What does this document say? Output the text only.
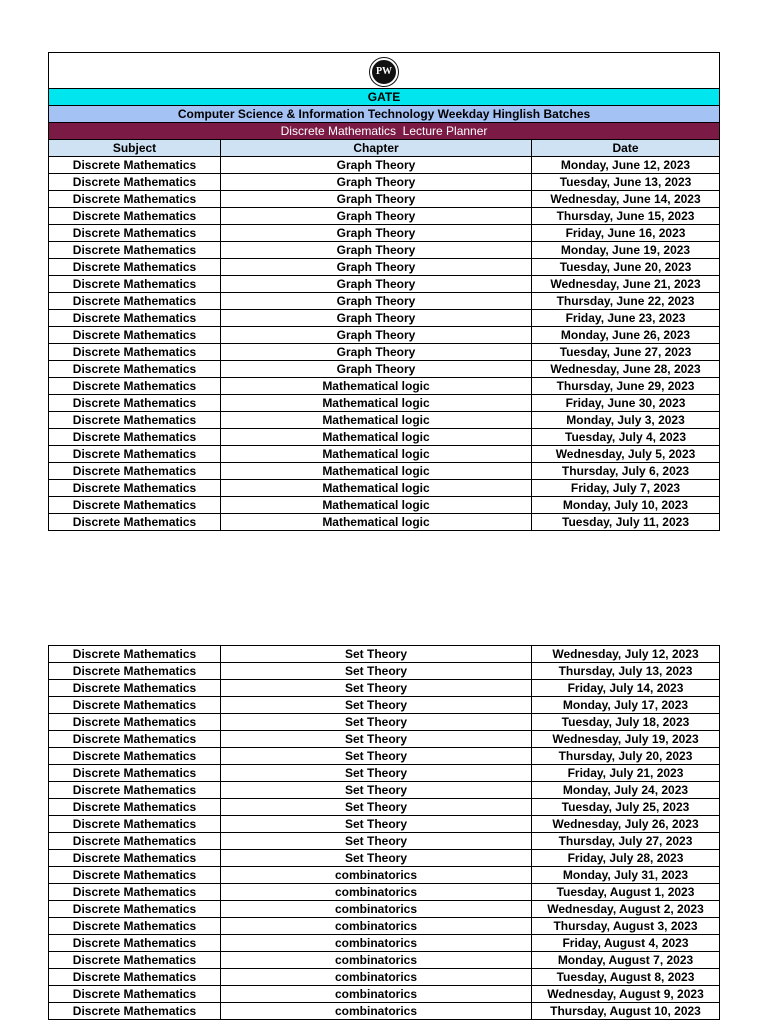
PW		
GATE		
Computer Science & Information Technology Weekday Hinglish Batches		
Discrete Mathematics  Lecture Planner		
Subject	Chapter	Date
Discrete Mathematics	Graph Theory	Monday, June 12, 2023
Discrete Mathematics	Graph Theory	Tuesday, June 13, 2023
Discrete Mathematics	Graph Theory	Wednesday, June 14, 2023
Discrete Mathematics	Graph Theory	Thursday, June 15, 2023
Discrete Mathematics	Graph Theory	Friday, June 16, 2023
Discrete Mathematics	Graph Theory	Monday, June 19, 2023
Discrete Mathematics	Graph Theory	Tuesday, June 20, 2023
Discrete Mathematics	Graph Theory	Wednesday, June 21, 2023
Discrete Mathematics	Graph Theory	Thursday, June 22, 2023
Discrete Mathematics	Graph Theory	Friday, June 23, 2023
Discrete Mathematics	Graph Theory	Monday, June 26, 2023
Discrete Mathematics	Graph Theory	Tuesday, June 27, 2023
Discrete Mathematics	Graph Theory	Wednesday, June 28, 2023
Discrete Mathematics	Mathematical logic	Thursday, June 29, 2023
Discrete Mathematics	Mathematical logic	Friday, June 30, 2023
Discrete Mathematics	Mathematical logic	Monday, July 3, 2023
Discrete Mathematics	Mathematical logic	Tuesday, July 4, 2023
Discrete Mathematics	Mathematical logic	Wednesday, July 5, 2023
Discrete Mathematics	Mathematical logic	Thursday, July 6, 2023
Discrete Mathematics	Mathematical logic	Friday, July 7, 2023
Discrete Mathematics	Mathematical logic	Monday, July 10, 2023
Discrete Mathematics	Mathematical logic	Tuesday, July 11, 2023
Discrete Mathematics	Set Theory	Wednesday, July 12, 2023
Discrete Mathematics	Set Theory	Thursday, July 13, 2023
Discrete Mathematics	Set Theory	Friday, July 14, 2023
Discrete Mathematics	Set Theory	Monday, July 17, 2023
Discrete Mathematics	Set Theory	Tuesday, July 18, 2023
Discrete Mathematics	Set Theory	Wednesday, July 19, 2023
Discrete Mathematics	Set Theory	Thursday, July 20, 2023
Discrete Mathematics	Set Theory	Friday, July 21, 2023
Discrete Mathematics	Set Theory	Monday, July 24, 2023
Discrete Mathematics	Set Theory	Tuesday, July 25, 2023
Discrete Mathematics	Set Theory	Wednesday, July 26, 2023
Discrete Mathematics	Set Theory	Thursday, July 27, 2023
Discrete Mathematics	Set Theory	Friday, July 28, 2023
Discrete Mathematics	combinatorics	Monday, July 31, 2023
Discrete Mathematics	combinatorics	Tuesday, August 1, 2023
Discrete Mathematics	combinatorics	Wednesday, August 2, 2023
Discrete Mathematics	combinatorics	Thursday, August 3, 2023
Discrete Mathematics	combinatorics	Friday, August 4, 2023
Discrete Mathematics	combinatorics	Monday, August 7, 2023
Discrete Mathematics	combinatorics	Tuesday, August 8, 2023
Discrete Mathematics	combinatorics	Wednesday, August 9, 2023
Discrete Mathematics	combinatorics	Thursday, August 10, 2023
